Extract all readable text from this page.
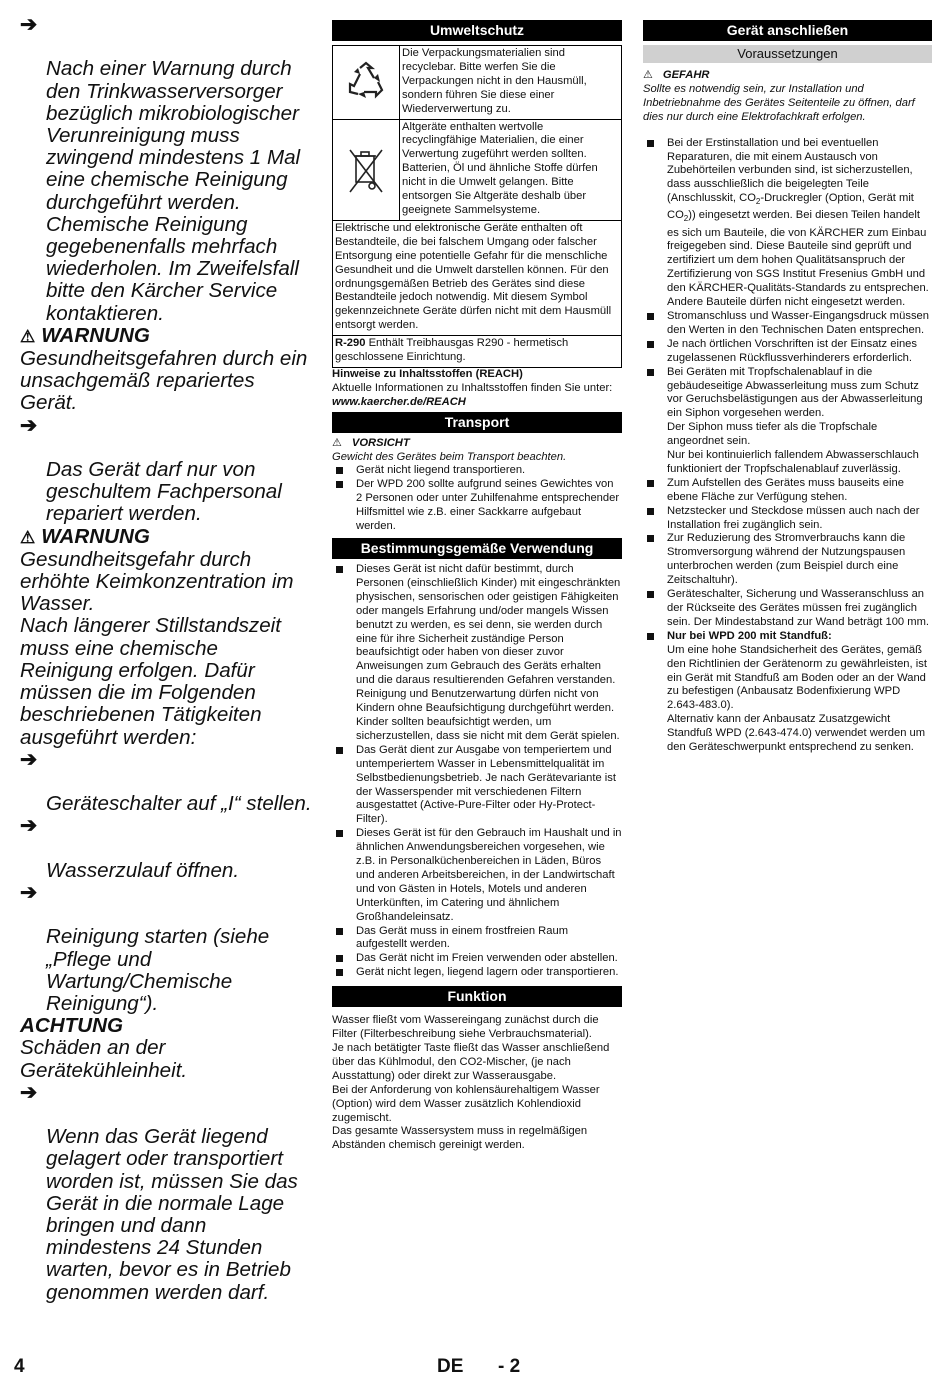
➔

Nach einer Warnung durch den Trinkwasserversorger bezüglich mikrobiologischer Verunreinigung muss zwingend mindestens 1 Mal eine chemische Reinigung durchgeführt werden. Chemische Reinigung gegebenenfalls mehrfach wiederholen. Im Zweifelsfall bitte den Kärcher Service kontaktieren.

⚠ WARNUNG
Gesundheitsgefahren durch ein unsachgemäß repariertes Gerät.

➔

Das Gerät darf nur von geschultem Fachpersonal repariert werden.

⚠ WARNUNG
Gesundheitsgefahr durch erhöhte Keimkonzentration im Wasser.
Nach längerer Stillstandszeit muss eine chemische Reinigung erfolgen. Dafür müssen die im Folgenden beschriebenen Tätigkeiten ausgeführt werden:

➔

Geräteschalter auf „I“ stellen.

➔

Wasserzulauf öffnen.

➔

Reinigung starten (siehe „Pflege und Wartung/Chemische Reinigung“).

ACHTUNG
Schäden an der Gerätekühleinheit.

➔

Wenn das Gerät liegend gelagert oder transportiert worden ist, müssen Sie das Gerät in die normale Lage bringen und dann mindestens 24 Stunden warten, bevor es in Betrieb genommen werden darf.

Umweltschutz
Die Verpackungsmaterialien sind recyclebar. Bitte werfen Sie die Verpackungen nicht in den Hausmüll, sondern führen Sie diese einer Wiederverwertung zu.
Altgeräte enthalten wertvolle recyclingfähige Materialien, die einer Verwertung zugeführt werden sollten. Batterien, Öl und ähnliche Stoffe dürfen nicht in die Umwelt gelangen. Bitte entsorgen Sie Altgeräte deshalb über geeignete Sammelsysteme.
Elektrische und elektronische Geräte enthalten oft Bestandteile, die bei falschem Umgang oder falscher Entsorgung eine potentielle Gefahr für die menschliche Gesundheit und die Umwelt darstellen können. Für den ordnungsgemäßen Betrieb des Gerätes sind diese Bestandteile jedoch notwendig. Mit diesem Symbol gekennzeichnete Geräte dürfen nicht mit dem Hausmüll entsorgt werden.
R-290 Enthält Treibhausgas R290 - hermetisch geschlossene Einrichtung.
Hinweise zu Inhaltsstoffen (REACH)
Aktuelle Informationen zu Inhaltsstoffen finden Sie unter:
www.kaercher.de/REACH
Transport
⚠ VORSICHT
Gewicht des Gerätes beim Transport beachten.
Gerät nicht liegend transportieren.
Der WPD 200 sollte aufgrund seines Gewichtes von 2 Personen oder unter Zuhilfenahme entsprechender Hilfsmittel wie z.B. einer Sackkarre aufgebaut werden.
Bestimmungsgemäße Verwendung
Dieses Gerät ist nicht dafür bestimmt, durch Personen (einschließlich Kinder) mit eingeschränkten physischen, sensorischen oder geistigen Fähigkeiten oder mangels Erfahrung und/oder mangels Wissen benutzt zu werden, es sei denn, sie werden durch eine für ihre Sicherheit zuständige Person beaufsichtigt oder haben von dieser zuvor Anweisungen zum Gebrauch des Geräts erhalten und die daraus resultierenden Gefahren verstanden. Reinigung und Benutzerwartung dürfen nicht von Kindern ohne Beaufsichtigung durchgeführt werden. Kinder sollten beaufsichtigt werden, um sicherzustellen, dass sie nicht mit dem Gerät spielen.
Das Gerät dient zur Ausgabe von temperiertem und untemperiertem Wasser in Lebensmittelqualität im Selbstbedienungsbetrieb. Je nach Gerätevariante ist der Wasserspender mit verschiedenen Filtern ausgestattet (Active-Pure-Filter oder Hy-Protect-Filter).
Dieses Gerät ist für den Gebrauch im Haushalt und in ähnlichen Anwendungsbereichen vorgesehen, wie z.B. in Personalküchenbereichen in Läden, Büros und anderen Arbeitsbereichen, in der Landwirtschaft und von Gästen in Hotels, Motels und anderen Unterkünften, im Catering und ähnlichem Großhandeleinsatz.
Das Gerät muss in einem frostfreien Raum aufgestellt werden.
Das Gerät nicht im Freien verwenden oder abstellen.
Gerät nicht legen, liegend lagern oder transportieren.
Funktion
Wasser fließt vom Wassereingang zunächst durch die Filter (Filterbeschreibung siehe Verbrauchsmaterial).
Je nach betätigter Taste fließt das Wasser anschließend über das Kühlmodul, den CO2-Mischer, (je nach Ausstattung) oder direkt zur Wasserausgabe.
Bei der Anforderung von kohlensäurehaltigem Wasser (Option) wird dem Wasser zusätzlich Kohlendioxid zugemischt.
Das gesamte Wassersystem muss in regelmäßigen Abständen chemisch gereinigt werden.
Gerät anschließen
Voraussetzungen
⚠ GEFAHR
Sollte es notwendig sein, zur Installation und Inbetriebnahme des Gerätes Seitenteile zu öffnen, darf dies nur durch eine Elektrofachkraft erfolgen.
Bei der Erstinstallation und bei eventuellen Reparaturen, die mit einem Austausch von Zubehörteilen verbunden sind, ist sicherzustellen, dass ausschließlich die beigelegten Teile (Anschlusskit, $CO_2$-Druckregler (Option, Gerät mit $CO_2$)) eingesetzt werden. Bei diesen Teilen handelt es sich um Bauteile, die von KÄRCHER zum Einbau freigegeben sind. Diese Bauteile sind geprüft und zertifiziert um dem hohen Qualitätsanspruch der Zertifizierung von SGS Institut Fresenius GmbH und den KÄRCHER-Qualitäts-Standards zu entsprechen. Andere Bauteile dürfen nicht eingesetzt werden.
Stromanschluss und Wasser-Eingangsdruck müssen den Werten in den Technischen Daten entsprechen.
Je nach örtlichen Vorschriften ist der Einsatz eines zugelassenen Rückflussverhinderers erforderlich.
Bei Geräten mit Tropfschalenablauf in die gebäudeseitige Abwasserleitung muss zum Schutz vor Geruchsbelästigungen aus der Abwasserleitung ein Siphon vorgesehen werden.
Der Siphon muss tiefer als die Tropfschale angeordnet sein.
Nur bei kontinuierlich fallendem Abwasserschlauch funktioniert der Tropfschalenablauf zuverlässig.
Zum Aufstellen des Gerätes muss bauseits eine ebene Fläche zur Verfügung stehen.
Netzstecker und Steckdose müssen auch nach der Installation frei zugänglich sein.
Zur Reduzierung des Stromverbrauchs kann die Stromversorgung während der Nutzungspausen unterbrochen werden (zum Beispiel durch eine Zeitschaltuhr).
Geräteschalter, Sicherung und Wasseranschluss an der Rückseite des Gerätes müssen frei zugänglich sein. Der Mindestabstand zur Wand beträgt 100 mm.
Nur bei WPD 200 mit Standfuß:
Um eine hohe Standsicherheit des Gerätes, gemäß den Richtlinien der Gerätenorm zu gewährleisten, ist ein Gerät mit Standfuß am Boden oder an der Wand zu befestigen (Anbausatz Bodenfixierung WPD 2.643-483.0).
Alternativ kann der Anbausatz Zusatzgewicht Standfuß WPD (2.643-474.0) verwendet werden um den Geräteschwerpunkt entsprechend zu senken.
4	DE - 2
